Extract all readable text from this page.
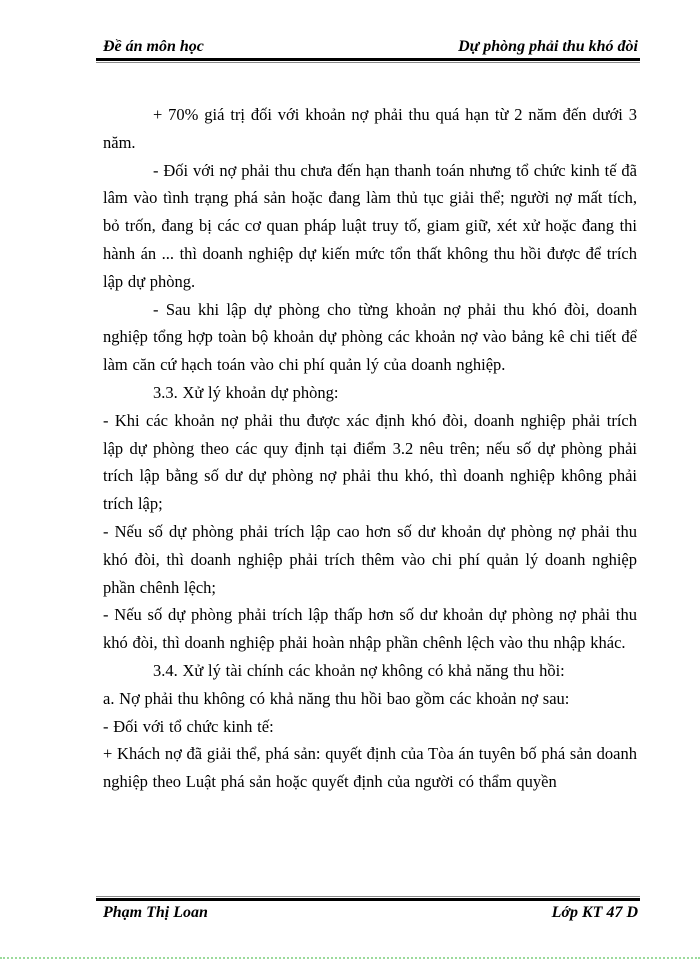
Đề án môn học	Dự phòng phải thu khó đòi

+ 70% giá trị đối với khoản nợ phải thu quá hạn từ 2 năm đến dưới 3 năm.

- Đối với nợ phải thu chưa đến hạn thanh toán nhưng tổ chức kinh tế đã lâm vào tình trạng phá sản hoặc đang làm thủ tục giải thể; người nợ mất tích, bỏ trốn, đang bị các cơ quan pháp luật truy tố, giam giữ, xét xử hoặc đang thi hành án ... thì doanh nghiệp dự kiến mức tổn thất không thu hồi được để trích lập dự phòng.

- Sau khi lập dự phòng cho từng khoản nợ phải thu khó đòi, doanh nghiệp tổng hợp toàn bộ khoản dự phòng các khoản nợ vào bảng kê chi tiết để làm căn cứ hạch toán vào chi phí quản lý của doanh nghiệp.

3.3. Xử lý khoản dự phòng:

- Khi các khoản nợ phải thu được xác định khó đòi, doanh nghiệp phải trích lập dự phòng theo các quy định tại điểm 3.2 nêu trên; nếu số dự phòng phải trích lập bằng số dư dự phòng nợ phải thu khó, thì doanh nghiệp không phải trích lập;

- Nếu số dự phòng phải trích lập cao hơn số dư khoản dự phòng nợ phải thu khó đòi, thì doanh nghiệp phải trích thêm vào chi phí quản lý doanh nghiệp phần chênh lệch;

- Nếu số dự phòng phải trích lập thấp hơn số dư khoản dự phòng nợ phải thu khó đòi, thì doanh nghiệp phải hoàn nhập phần chênh lệch vào thu nhập khác.

3.4. Xử lý tài chính các khoản nợ không có khả năng thu hồi:

a. Nợ phải thu không có khả năng thu hồi bao gồm các khoản nợ sau:

- Đối với tổ chức kinh tế:

+ Khách nợ đã giải thể, phá sản: quyết định của Tòa án tuyên bố phá sản doanh nghiệp theo Luật phá sản hoặc quyết định của người có thẩm quyền

Phạm Thị Loan	Lớp KT 47 D
